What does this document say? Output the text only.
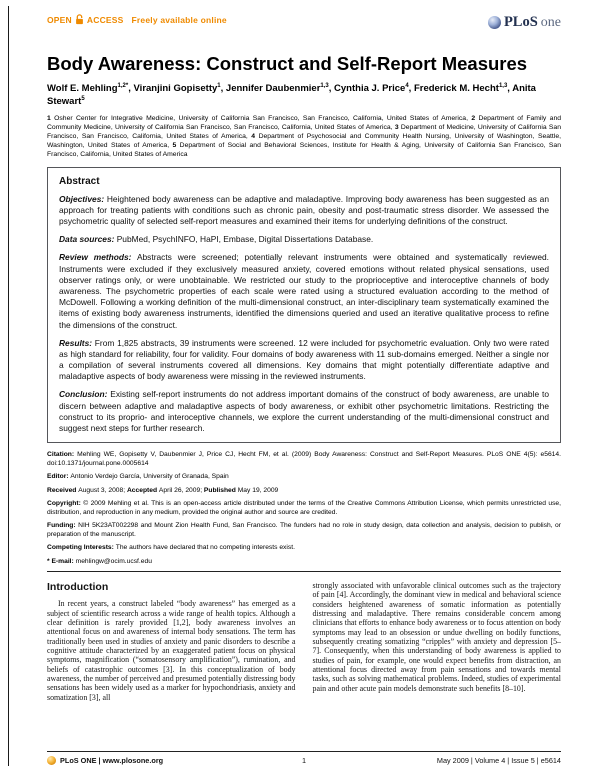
OPEN ACCESS Freely available online	PLoS one
Body Awareness: Construct and Self-Report Measures
Wolf E. Mehling$^{1,2*}$, Viranjini Gopisetty$^1$, Jennifer Daubenmier$^{1,3}$, Cynthia J. Price$^4$, Frederick M. Hecht$^{1,3}$, Anita Stewart$^5$
1 Osher Center for Integrative Medicine, University of California San Francisco, San Francisco, California, United States of America, 2 Department of Family and Community Medicine, University of California San Francisco, San Francisco, California, United States of America, 3 Department of Medicine, University of California San Francisco, San Francisco, California, United States of America, 4 Department of Psychosocial and Community Health Nursing, University of Washington, Seattle, Washington, United States of America, 5 Department of Social and Behavioral Sciences, Institute for Health & Aging, University of California San Francisco, San Francisco, California, United States of America
Abstract

Objectives: Heightened body awareness can be adaptive and maladaptive. Improving body awareness has been suggested as an approach for treating patients with conditions such as chronic pain, obesity and post-traumatic stress disorder. We assessed the psychometric quality of selected self-report measures and examined their items for underlying definitions of the construct.

Data sources: PubMed, PsychINFO, HaPI, Embase, Digital Dissertations Database.

Review methods: Abstracts were screened; potentially relevant instruments were obtained and systematically reviewed. Instruments were excluded if they exclusively measured anxiety, covered emotions without related physical sensations, used observer ratings only, or were unobtainable. We restricted our study to the proprioceptive and interoceptive channels of body awareness. The psychometric properties of each scale were rated using a structured evaluation according to the method of McDowell. Following a working definition of the multi-dimensional construct, an inter-disciplinary team systematically examined the items of existing body awareness instruments, identified the dimensions queried and used an iterative qualitative process to refine the dimensions of the construct.

Results: From 1,825 abstracts, 39 instruments were screened. 12 were included for psychometric evaluation. Only two were rated as high standard for reliability, four for validity. Four domains of body awareness with 11 sub-domains emerged. Neither a single nor a compilation of several instruments covered all dimensions. Key domains that might potentially differentiate adaptive and maladaptive aspects of body awareness were missing in the reviewed instruments.

Conclusion: Existing self-report instruments do not address important domains of the construct of body awareness, are unable to discern between adaptive and maladaptive aspects of body awareness, or exhibit other psychometric limitations. Restricting the construct to its proprio- and interoceptive channels, we explore the current understanding of the multi-dimensional construct and suggest next steps for further research.

Citation: Mehling WE, Gopisetty V, Daubenmier J, Price CJ, Hecht FM, et al. (2009) Body Awareness: Construct and Self-Report Measures. PLoS ONE 4(5): e5614. doi:10.1371/journal.pone.0005614

Editor: Antonio Verdejo García, University of Granada, Spain

Received August 3, 2008; Accepted April 26, 2009; Published May 19, 2009

Copyright: © 2009 Mehling et al. This is an open-access article distributed under the terms of the Creative Commons Attribution License, which permits unrestricted use, distribution, and reproduction in any medium, provided the original author and source are credited.

Funding: NIH 5K23AT002298 and Mount Zion Health Fund, San Francisco. The funders had no role in study design, data collection and analysis, decision to publish, or preparation of the manuscript.

Competing Interests: The authors have declared that no competing interests exist.

* E-mail: mehlingw@ocim.ucsf.edu

Introduction

In recent years, a construct labeled “body awareness” has emerged as a subject of scientific research across a wide range of health topics. Although a clear definition is rarely provided [1,2], body awareness involves an attentional focus on and awareness of internal body sensations. The term has traditionally been used in studies of anxiety and panic disorders to describe a cognitive attitude characterized by an exaggerated patient focus on physical symptoms, magnification (“somatosensory amplification”), rumination, and beliefs of catastrophic outcomes [3]. In this conceptualization of body awareness, the number of perceived and presumed potentially distressing body sensations has been widely used as a marker for hypochondriasis, anxiety and somatization [3], all

strongly associated with unfavorable clinical outcomes such as the trajectory of pain [4]. Accordingly, the dominant view in medical and behavioral science considers heightened awareness of somatic information as potentially distressing and maladaptive. There remains considerable concern among clinicians that efforts to enhance body awareness or to focus attention on body symptoms may lead to an obsession or undue dwelling on bodily functions, subsequently creating somatizing “cripples” with anxiety and depression [5–7]. Consequently, when this understanding of body awareness is applied to studies of pain, for example, one would expect benefits from distraction, an attentional focus directed away from pain sensations and towards mental tasks, such as solving mathematical problems. Indeed, studies of experimental pain and other acute pain models demonstrate such benefits [8–10].

PLoS ONE | www.plosone.org	1	May 2009 | Volume 4 | Issue 5 | e5614
